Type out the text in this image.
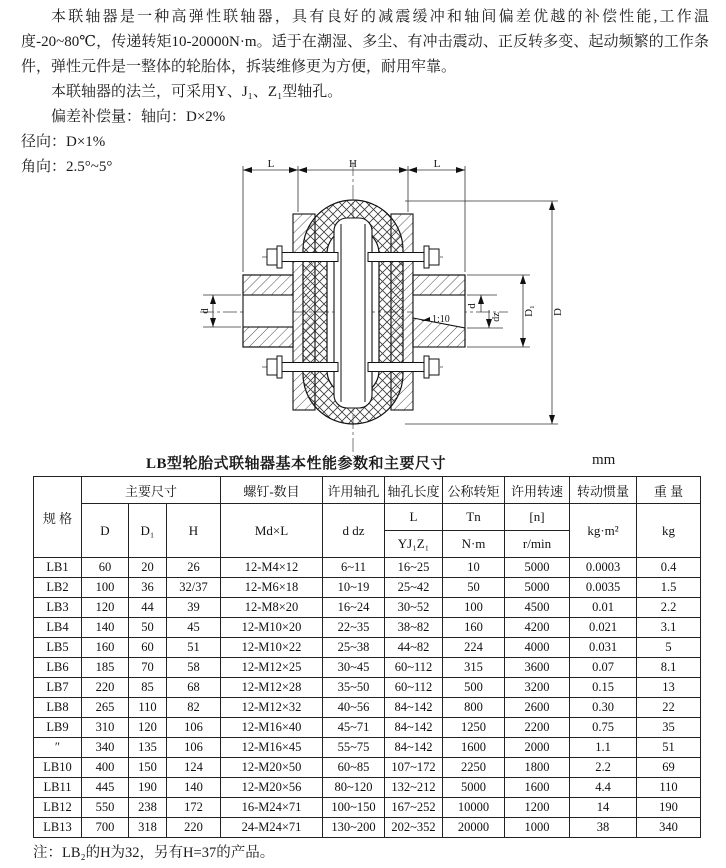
本联轴器是一种高弹性联轴器，具有良好的减震缓冲和轴间偏差优越的补偿性能,工作温度-20~80℃，传递转矩10-20000N·m。适于在潮湿、多尘、有冲击震动、正反转多变、起动频繁的工作条件，弹性元件是一整体的轮胎体，拆装维修更为方便，耐用牢靠。

本联轴器的法兰，可采用Y、J₁、Z₁型轴孔。

偏差补偿量：轴向：D×2%

径向：D×1%

角向：2.5°~5°

1:10
L	H	L
d
d
dz
D₁ D
LB型轮胎式联轴器基本性能参数和主要尺寸	mm
规 格	主要尺寸			螺钉-数目	许用轴孔	轴孔长度	公称转矩	许用转速	转动惯量	重 量
	D	D₁	H	Md×L	d dz	L	Tn	[n]	kg·m²	kg
						YJ₁Z₁	N·m	r/min		
LB1	60	20	26	12-M4×12	6~11	16~25	10	5000	0.0003	0.4
LB2	100	36	32/37	12-M6×18	10~19	25~42	50	5000	0.0035	1.5
LB3	120	44	39	12-M8×20	16~24	30~52	100	4500	0.01	2.2
LB4	140	50	45	12-M10×20	22~35	38~82	160	4200	0.021	3.1
LB5	160	60	51	12-M10×22	25~38	44~82	224	4000	0.031	5
LB6	185	70	58	12-M12×25	30~45	60~112	315	3600	0.07	8.1
LB7	220	85	68	12-M12×28	35~50	60~112	500	3200	0.15	13
LB8	265	110	82	12-M12×32	40~56	84~142	800	2600	0.30	22
LB9	310	120	106	12-M16×40	45~71	84~142	1250	2200	0.75	35
″	340	135	106	12-M16×45	55~75	84~142	1600	2000	1.1	51
LB10	400	150	124	12-M20×50	60~85	107~172	2250	1800	2.2	69
LB11	445	190	140	12-M20×56	80~120	132~212	5000	1600	4.4	110
LB12	550	238	172	16-M24×71	100~150	167~252	10000	1200	14	190
LB13	700	318	220	24-M24×71	130~200	202~352	20000	1000	38	340
注：LB₂的H为32，另有H=37的产品。
